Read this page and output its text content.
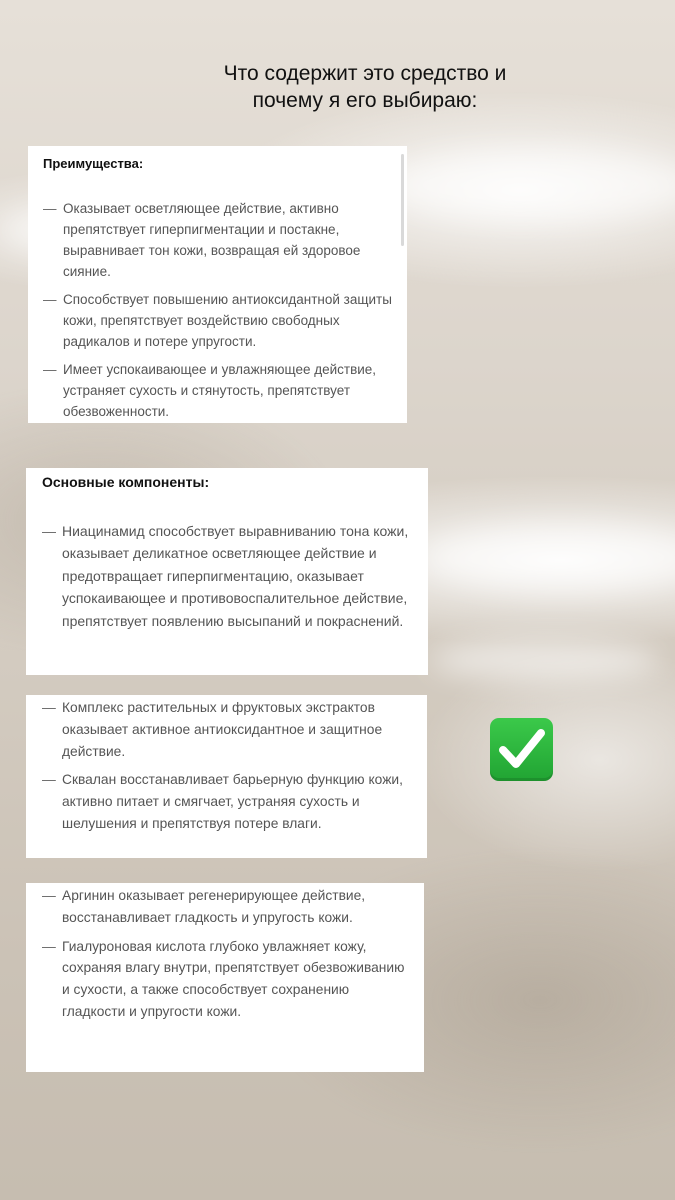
Что содержит это средство и почему я его выбираю:
Преимущества:
— Оказывает осветляющее действие, активно препятствует гиперпигментации и постакне, выравнивает тон кожи, возвращая ей здоровое сияние.
— Способствует повышению антиоксидантной защиты кожи, препятствует воздействию свободных радикалов и потере упругости.
— Имеет успокаивающее и увлажняющее действие, устраняет сухость и стянутость, препятствует обезвоженности.
Основные компоненты:
— Ниацинамид способствует выравниванию тона кожи, оказывает деликатное осветляющее действие и предотвращает гиперпигментацию, оказывает успокаивающее и противовоспалительное действие, препятствует появлению высыпаний и покраснений.
— Комплекс растительных и фруктовых экстрактов оказывает активное антиоксидантное и защитное действие.
— Сквалан восстанавливает барьерную функцию кожи, активно питает и смягчает, устраняя сухость и шелушения и препятствуя потере влаги.
— Аргинин оказывает регенерирующее действие, восстанавливает гладкость и упругость кожи.
— Гиалуроновая кислота глубоко увлажняет кожу, сохраняя влагу внутри, препятствует обезвоживанию и сухости, а также способствует сохранению гладкости и упругости кожи.
